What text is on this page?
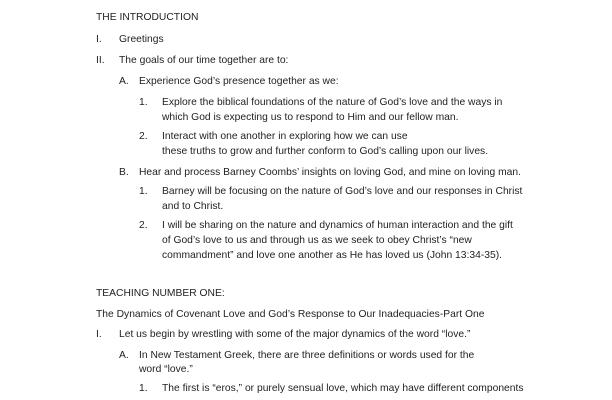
THE INTRODUCTION
I. Greetings
II. The goals of our time together are to:
A. Experience God’s presence together as we:
1. Explore the biblical foundations of the nature of God’s love and the ways in
which God is expecting us to respond to Him and our fellow man.
2. Interact with one another in exploring how we can use
these truths to grow and further conform to God’s calling upon our lives.
B. Hear and process Barney Coombs’ insights on loving God, and mine on loving man.
1. Barney will be focusing on the nature of God’s love and our responses in Christ
and to Christ.
2. I will be sharing on the nature and dynamics of human interaction and the gift
of God’s love to us and through us as we seek to obey Christ’s “new
commandment” and love one another as He has loved us (John 13:34-35).
TEACHING NUMBER ONE:
The Dynamics of Covenant Love and God’s Response to Our Inadequacies-Part One
I. Let us begin by wrestling with some of the major dynamics of the word “love.”
A. In New Testament Greek, there are three definitions or words used for the
word “love.”
1. The first is “eros,” or purely sensual love, which may have different components
